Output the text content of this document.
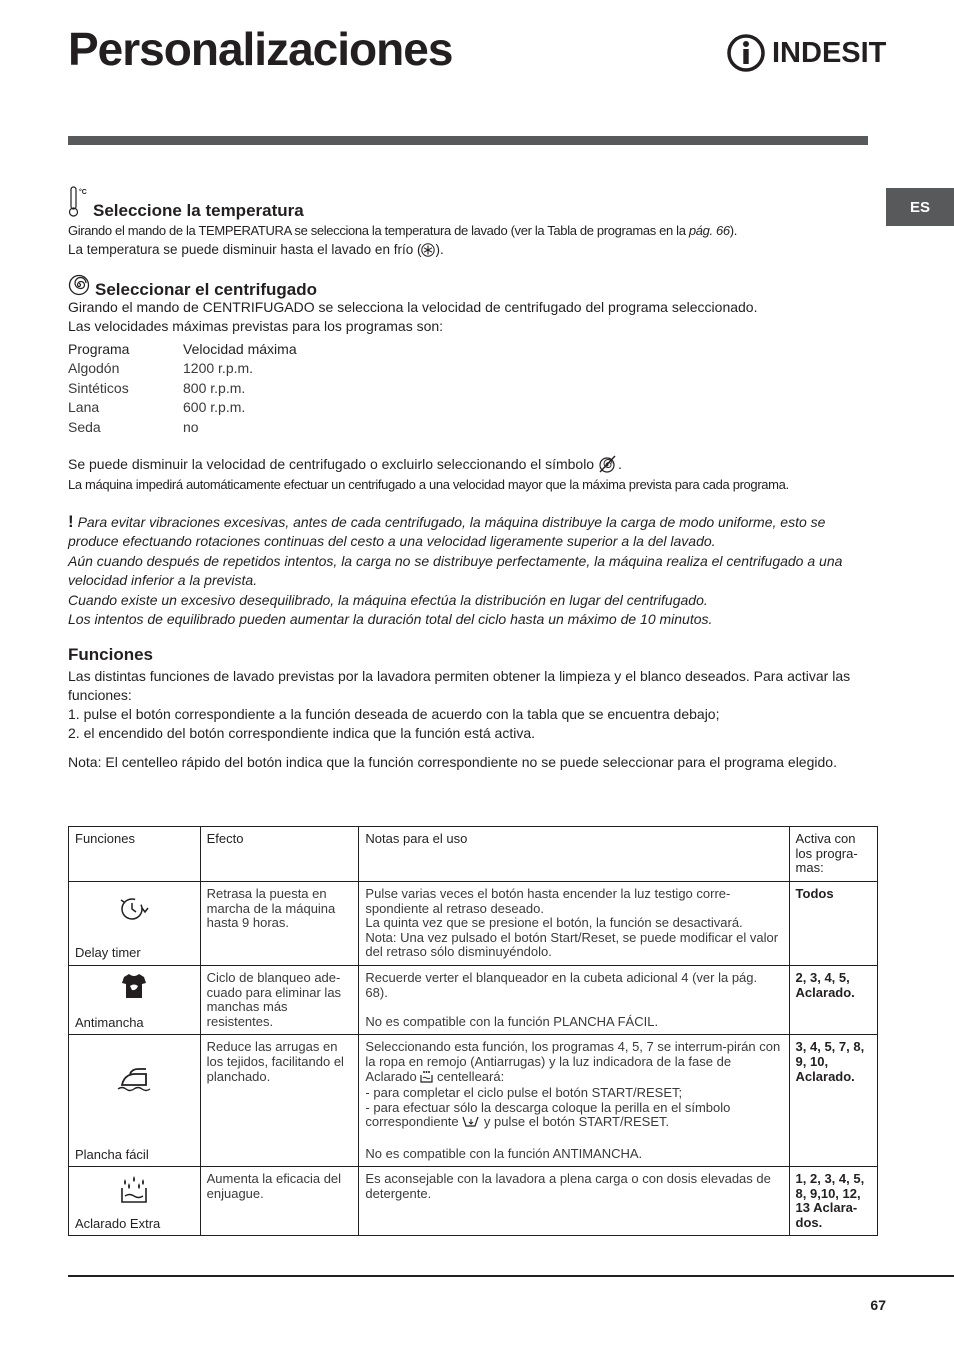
Personalizaciones	INDESIT
ES
°C
Seleccione la temperatura
Girando el mando de la TEMPERATURA se selecciona la temperatura de lavado (ver la Tabla de programas en la pág. 66).
La temperatura se puede disminuir hasta el lavado en frío ( ).
Seleccionar el centrifugado
Girando el mando de CENTRIFUGADO se selecciona la velocidad de centrifugado del programa seleccionado.
Las velocidades máximas previstas para los programas son:
Programa	Velocidad máxima
Algodón	1200 r.p.m.
Sintéticos	800 r.p.m.
Lana	600 r.p.m.
Seda	no
Se puede disminuir la velocidad de centrifugado o excluirlo seleccionando el símbolo .
La máquina impedirá automáticamente efectuar un centrifugado a una velocidad mayor que la máxima prevista para cada programa.
! Para evitar vibraciones excesivas, antes de cada centrifugado, la máquina distribuye la carga de modo uniforme, esto se produce efectuando rotaciones continuas del cesto a una velocidad ligeramente superior a la del lavado.
Aún cuando después de repetidos intentos, la carga no se distribuye perfectamente, la máquina realiza el centrifugado a una velocidad inferior a la prevista.
Cuando existe un excesivo desequilibrado, la máquina efectúa la distribución en lugar del centrifugado.
Los intentos de equilibrado pueden aumentar la duración total del ciclo hasta un máximo de 10 minutos.
Funciones
Las distintas funciones de lavado previstas por la lavadora permiten obtener la limpieza y el blanco deseados. Para activar las funciones:
1. pulse el botón correspondiente a la función deseada de acuerdo con la tabla que se encuentra debajo;
2. el encendido del botón correspondiente indica que la función está activa.
Nota: El centelleo rápido del botón indica que la función correspondiente no se puede seleccionar para el programa elegido.
Funciones	Efecto	Notas para el uso	Activa con los progra-mas:

Delay timer	Retrasa la puesta en marcha de la máquina hasta 9 horas.	Pulse varias veces el botón hasta encender la luz testigo corre-spondiente al retraso deseado.
La quinta vez que se presione el botón, la función se desactivará.
Nota: Una vez pulsado el botón Start/Reset, se puede modificar el valor del retraso sólo disminuyéndolo.	Todos

Antimancha	Ciclo de blanqueo ade-cuado para eliminar las manchas más resistentes.	Recuerde verter el blanqueador en la cubeta adicional 4 (ver la pág. 68).
No es compatible con la función PLANCHA FÁCIL.	2, 3, 4, 5, Aclarado.

Plancha fácil	Reduce las arrugas en los tejidos, facilitando el planchado.	Seleccionando esta función, los programas 4, 5, 7 se interrum-pirán con la ropa en remojo (Antiarrugas) y la luz indicadora de la fase de Aclarado centelleará:
- para completar el ciclo pulse el botón START/RESET;
- para efectuar sólo la descarga coloque la perilla en el símbolo correspondiente y pulse el botón START/RESET.
No es compatible con la función ANTIMANCHA.	3, 4, 5, 7, 8, 9, 10, Aclarado.

Aclarado Extra	Aumenta la eficacia del enjuague.	Es aconsejable con la lavadora a plena carga o con dosis elevadas de detergente.	1, 2, 3, 4, 5, 8, 9,10, 12, 13 Aclara-dos.
67
